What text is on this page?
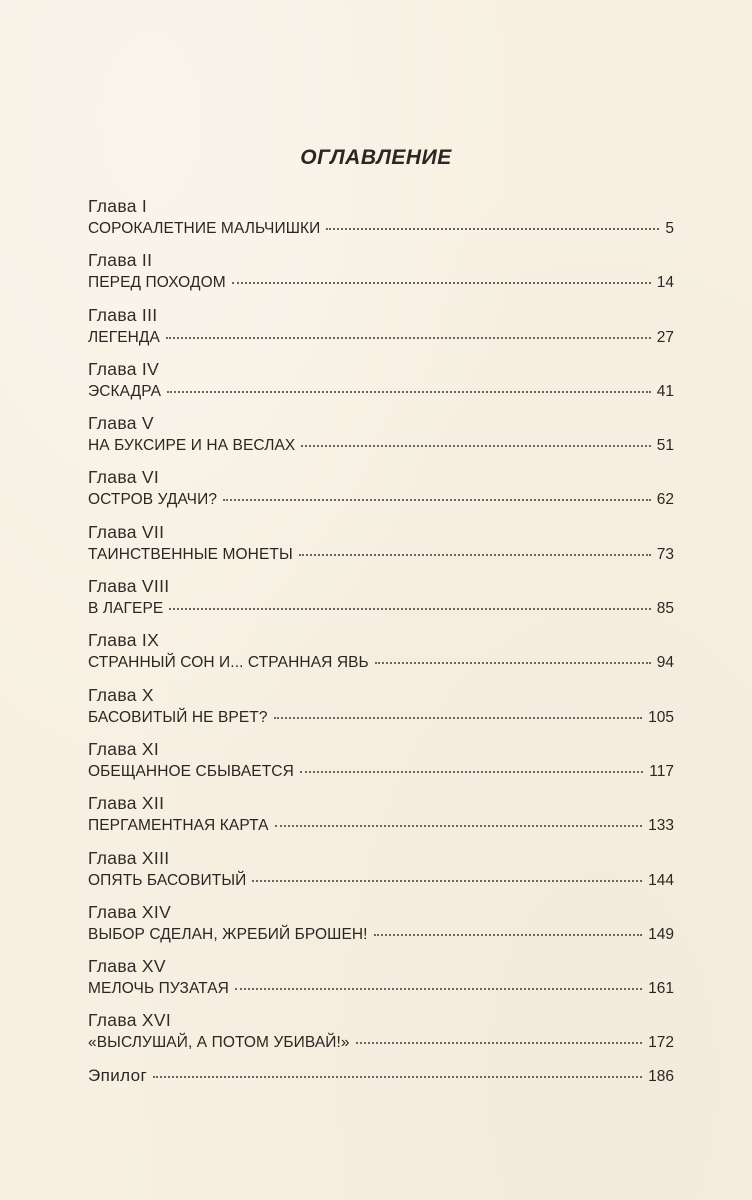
ОГЛАВЛЕНИЕ
Глава I
СОРОКАЛЕТНИЕ МАЛЬЧИШКИ	5
Глава II
ПЕРЕД ПОХОДОМ	14
Глава III
ЛЕГЕНДА	27
Глава IV
ЭСКАДРА	41
Глава V
НА БУКСИРЕ И НА ВЕСЛАХ	51
Глава VI
ОСТРОВ УДАЧИ?	62
Глава VII
ТАИНСТВЕННЫЕ МОНЕТЫ	73
Глава VIII
В ЛАГЕРЕ	85
Глава IX
СТРАННЫЙ СОН И... СТРАННАЯ ЯВЬ	94
Глава X
БАСОВИТЫЙ НЕ ВРЕТ?	105
Глава XI
ОБЕЩАННОЕ СБЫВАЕТСЯ	117
Глава XII
ПЕРГАМЕНТНАЯ КАРТА	133
Глава XIII
ОПЯТЬ БАСОВИТЫЙ	144
Глава XIV
ВЫБОР СДЕЛАН, ЖРЕБИЙ БРОШЕН!	149
Глава XV
МЕЛОЧЬ ПУЗАТАЯ	161
Глава XVI
«ВЫСЛУШАЙ, А ПОТОМ УБИВАЙ!»	172
Эпилог	186
